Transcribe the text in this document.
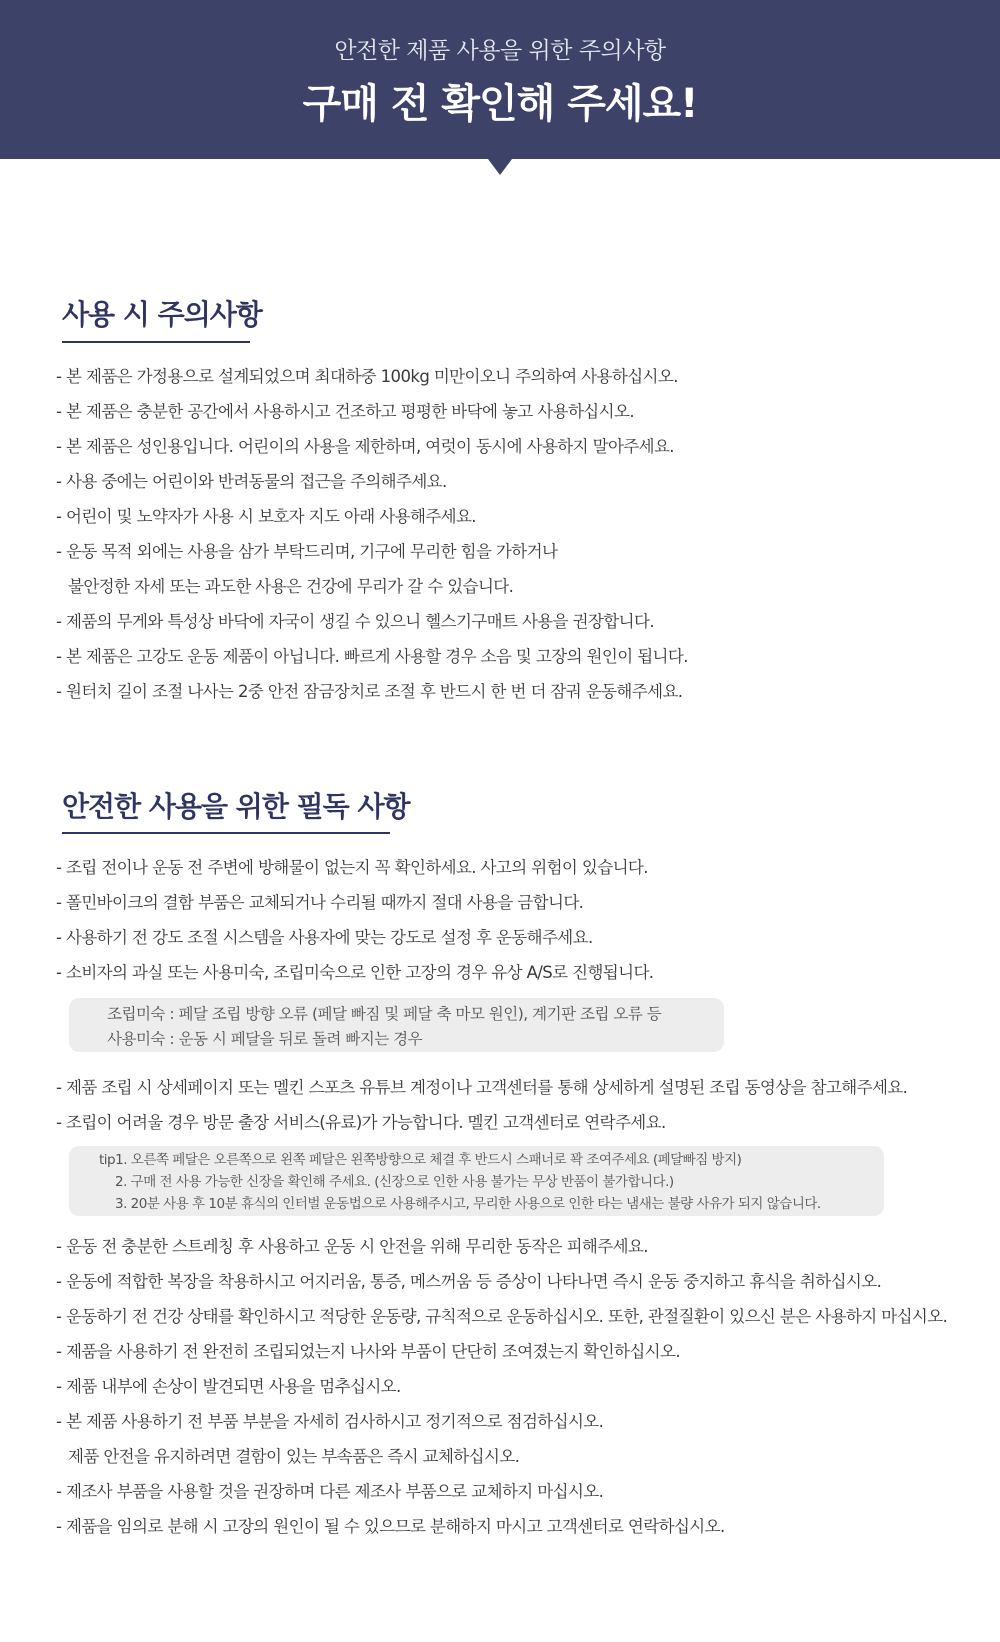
안전한 제품 사용을 위한 주의사항
구매 전 확인해 주세요!
사용 시 주의사항
- 본 제품은 가정용으로 설계되었으며 최대하중 100kg 미만이오니 주의하여 사용하십시오.
- 본 제품은 충분한 공간에서 사용하시고 건조하고 평평한 바닥에 놓고 사용하십시오.
- 본 제품은 성인용입니다. 어린이의 사용을 제한하며, 여럿이 동시에 사용하지 말아주세요.
- 사용 중에는 어린이와 반려동물의 접근을 주의해주세요.
- 어린이 및 노약자가 사용 시 보호자 지도 아래 사용해주세요.
- 운동 목적 외에는 사용을 삼가 부탁드리며, 기구에 무리한 힘을 가하거나
불안정한 자세 또는 과도한 사용은 건강에 무리가 갈 수 있습니다.
- 제품의 무게와 특성상 바닥에 자국이 생길 수 있으니 헬스기구매트 사용을 권장합니다.
- 본 제품은 고강도 운동 제품이 아닙니다. 빠르게 사용할 경우 소음 및 고장의 원인이 됩니다.
- 원터치 길이 조절 나사는 2중 안전 잠금장치로 조절 후 반드시 한 번 더 잠궈 운동해주세요.
안전한 사용을 위한 필독 사항
- 조립 전이나 운동 전 주변에 방해물이 없는지 꼭 확인하세요. 사고의 위험이 있습니다.
- 폴민바이크의 결함 부품은 교체되거나 수리될 때까지 절대 사용을 금합니다.
- 사용하기 전 강도 조절 시스템을 사용자에 맞는 강도로 설정 후 운동해주세요.
- 소비자의 과실 또는 사용미숙, 조립미숙으로 인한 고장의 경우 유상 A/S로 진행됩니다.
조립미숙 : 페달 조립 방향 오류 (페달 빠짐 및 페달 축 마모 원인), 계기판 조립 오류 등
사용미숙 : 운동 시 페달을 뒤로 돌려 빠지는 경우
- 제품 조립 시 상세페이지 또는 멜킨 스포츠 유튜브 계정이나 고객센터를 통해 상세하게 설명된 조립 동영상을 참고해주세요.
- 조립이 어려울 경우 방문 출장 서비스(유료)가 가능합니다. 멜킨 고객센터로 연락주세요.
tip1. 오른쪽 페달은 오른쪽으로 왼쪽 페달은 왼쪽방향으로 체결 후 반드시 스패너로 꽉 조여주세요 (페달빠짐 방지)
2. 구매 전 사용 가능한 신장을 확인해 주세요. (신장으로 인한 사용 불가는 무상 반품이 불가합니다.)
3. 20분 사용 후 10분 휴식의 인터벌 운동법으로 사용해주시고, 무리한 사용으로 인한 타는 냄새는 불량 사유가 되지 않습니다.
- 운동 전 충분한 스트레칭 후 사용하고 운동 시 안전을 위해 무리한 동작은 피해주세요.
- 운동에 적합한 복장을 착용하시고 어지러움, 통증, 메스꺼움 등 증상이 나타나면 즉시 운동 중지하고 휴식을 취하십시오.
- 운동하기 전 건강 상태를 확인하시고 적당한 운동량, 규칙적으로 운동하십시오. 또한, 관절질환이 있으신 분은 사용하지 마십시오.
- 제품을 사용하기 전 완전히 조립되었는지 나사와 부품이 단단히 조여졌는지 확인하십시오.
- 제품 내부에 손상이 발견되면 사용을 멈추십시오.
- 본 제품 사용하기 전 부품 부분을 자세히 검사하시고 정기적으로 점검하십시오.
제품 안전을 유지하려면 결함이 있는 부속품은 즉시 교체하십시오.
- 제조사 부품을 사용할 것을 권장하며 다른 제조사 부품으로 교체하지 마십시오.
- 제품을 임의로 분해 시 고장의 원인이 될 수 있으므로 분해하지 마시고 고객센터로 연락하십시오.
